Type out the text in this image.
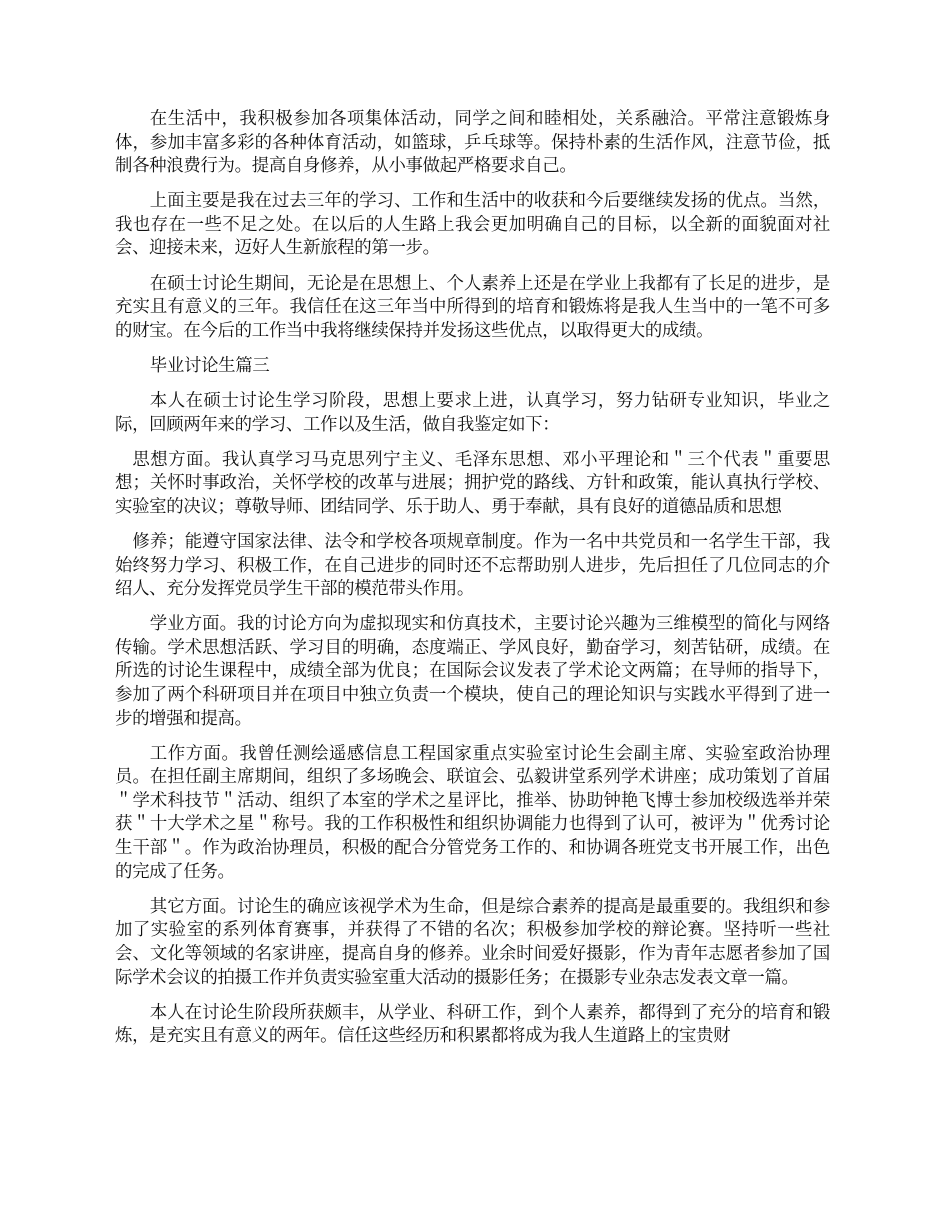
在生活中，我积极参加各项集体活动，同学之间和睦相处，关系融洽。平常注意锻炼身体，参加丰富多彩的各种体育活动，如篮球，乒乓球等。保持朴素的生活作风，注意节俭，抵制各种浪费行为。提高自身修养，从小事做起严格要求自己。

上面主要是我在过去三年的学习、工作和生活中的收获和今后要继续发扬的优点。当然，我也存在一些不足之处。在以后的人生路上我会更加明确自己的目标，以全新的面貌面对社会、迎接未来，迈好人生新旅程的第一步。

在硕士讨论生期间，无论是在思想上、个人素养上还是在学业上我都有了长足的进步，是充实且有意义的三年。我信任在这三年当中所得到的培育和锻炼将是我人生当中的一笔不可多的财宝。在今后的工作当中我将继续保持并发扬这些优点，以取得更大的成绩。

毕业讨论生篇三

本人在硕士讨论生学习阶段，思想上要求上进，认真学习，努力钻研专业知识，毕业之际，回顾两年来的学习、工作以及生活，做自我鉴定如下：

思想方面。我认真学习马克思列宁主义、毛泽东思想、邓小平理论和＂三个代表＂重要思想；关怀时事政治，关怀学校的改革与进展；拥护党的路线、方针和政策，能认真执行学校、实验室的决议；尊敬导师、团结同学、乐于助人、勇于奉献，具有良好的道德品质和思想

修养；能遵守国家法律、法令和学校各项规章制度。作为一名中共党员和一名学生干部，我始终努力学习、积极工作，在自己进步的同时还不忘帮助别人进步，先后担任了几位同志的介绍人、充分发挥党员学生干部的模范带头作用。

学业方面。我的讨论方向为虚拟现实和仿真技术，主要讨论兴趣为三维模型的简化与网络传输。学术思想活跃、学习目的明确，态度端正、学风良好，勤奋学习，刻苦钻研，成绩。在所选的讨论生课程中，成绩全部为优良；在国际会议发表了学术论文两篇；在导师的指导下，参加了两个科研项目并在项目中独立负责一个模块，使自己的理论知识与实践水平得到了进一步的增强和提高。

工作方面。我曾任测绘遥感信息工程国家重点实验室讨论生会副主席、实验室政治协理员。在担任副主席期间，组织了多场晚会、联谊会、弘毅讲堂系列学术讲座；成功策划了首届＂学术科技节＂活动、组织了本室的学术之星评比，推举、协助钟艳飞博士参加校级选举并荣获＂十大学术之星＂称号。我的工作积极性和组织协调能力也得到了认可，被评为＂优秀讨论生干部＂。作为政治协理员，积极的配合分管党务工作的、和协调各班党支书开展工作，出色的完成了任务。

其它方面。讨论生的确应该视学术为生命，但是综合素养的提高是最重要的。我组织和参加了实验室的系列体育赛事，并获得了不错的名次；积极参加学校的辩论赛。坚持听一些社会、文化等领域的名家讲座，提高自身的修养。业余时间爱好摄影，作为青年志愿者参加了国际学术会议的拍摄工作并负责实验室重大活动的摄影任务；在摄影专业杂志发表文章一篇。

本人在讨论生阶段所获颇丰，从学业、科研工作，到个人素养，都得到了充分的培育和锻炼，是充实且有意义的两年。信任这些经历和积累都将成为我人生道路上的宝贵财
